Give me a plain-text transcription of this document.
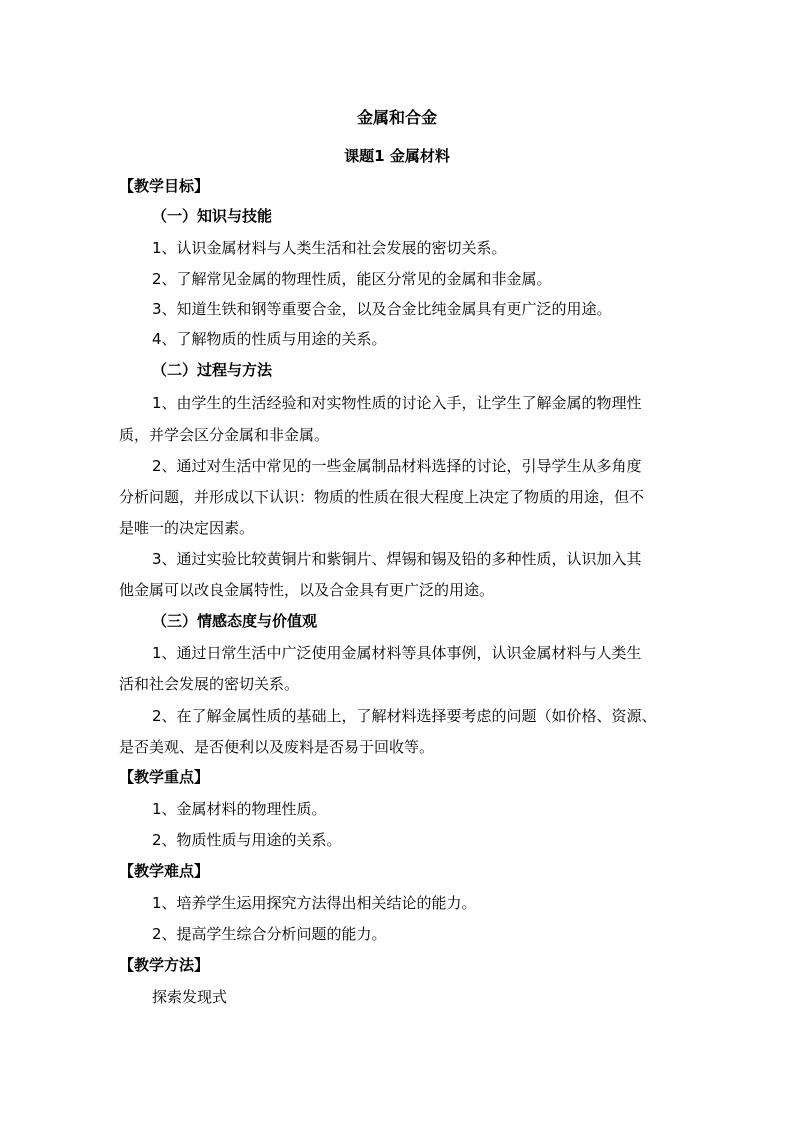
金属和合金
课题1 金属材料
【教学目标】
（一）知识与技能
1、认识金属材料与人类生活和社会发展的密切关系。
2、了解常见金属的物理性质，能区分常见的金属和非金属。
3、知道生铁和钢等重要合金，以及合金比纯金属具有更广泛的用途。
4、了解物质的性质与用途的关系。
（二）过程与方法
1、由学生的生活经验和对实物性质的讨论入手，让学生了解金属的物理性
质，并学会区分金属和非金属。
2、通过对生活中常见的一些金属制品材料选择的讨论，引导学生从多角度
分析问题，并形成以下认识：物质的性质在很大程度上决定了物质的用途，但不
是唯一的决定因素。
3、通过实验比较黄铜片和紫铜片、焊锡和锡及铅的多种性质，认识加入其
他金属可以改良金属特性，以及合金具有更广泛的用途。
（三）情感态度与价值观
1、通过日常生活中广泛使用金属材料等具体事例，认识金属材料与人类生
活和社会发展的密切关系。
2、在了解金属性质的基础上，了解材料选择要考虑的问题（如价格、资源、
是否美观、是否便利以及废料是否易于回收等。
【教学重点】
1、金属材料的物理性质。
2、物质性质与用途的关系。
【教学难点】
1、培养学生运用探究方法得出相关结论的能力。
2、提高学生综合分析问题的能力。
【教学方法】
探索发现式
